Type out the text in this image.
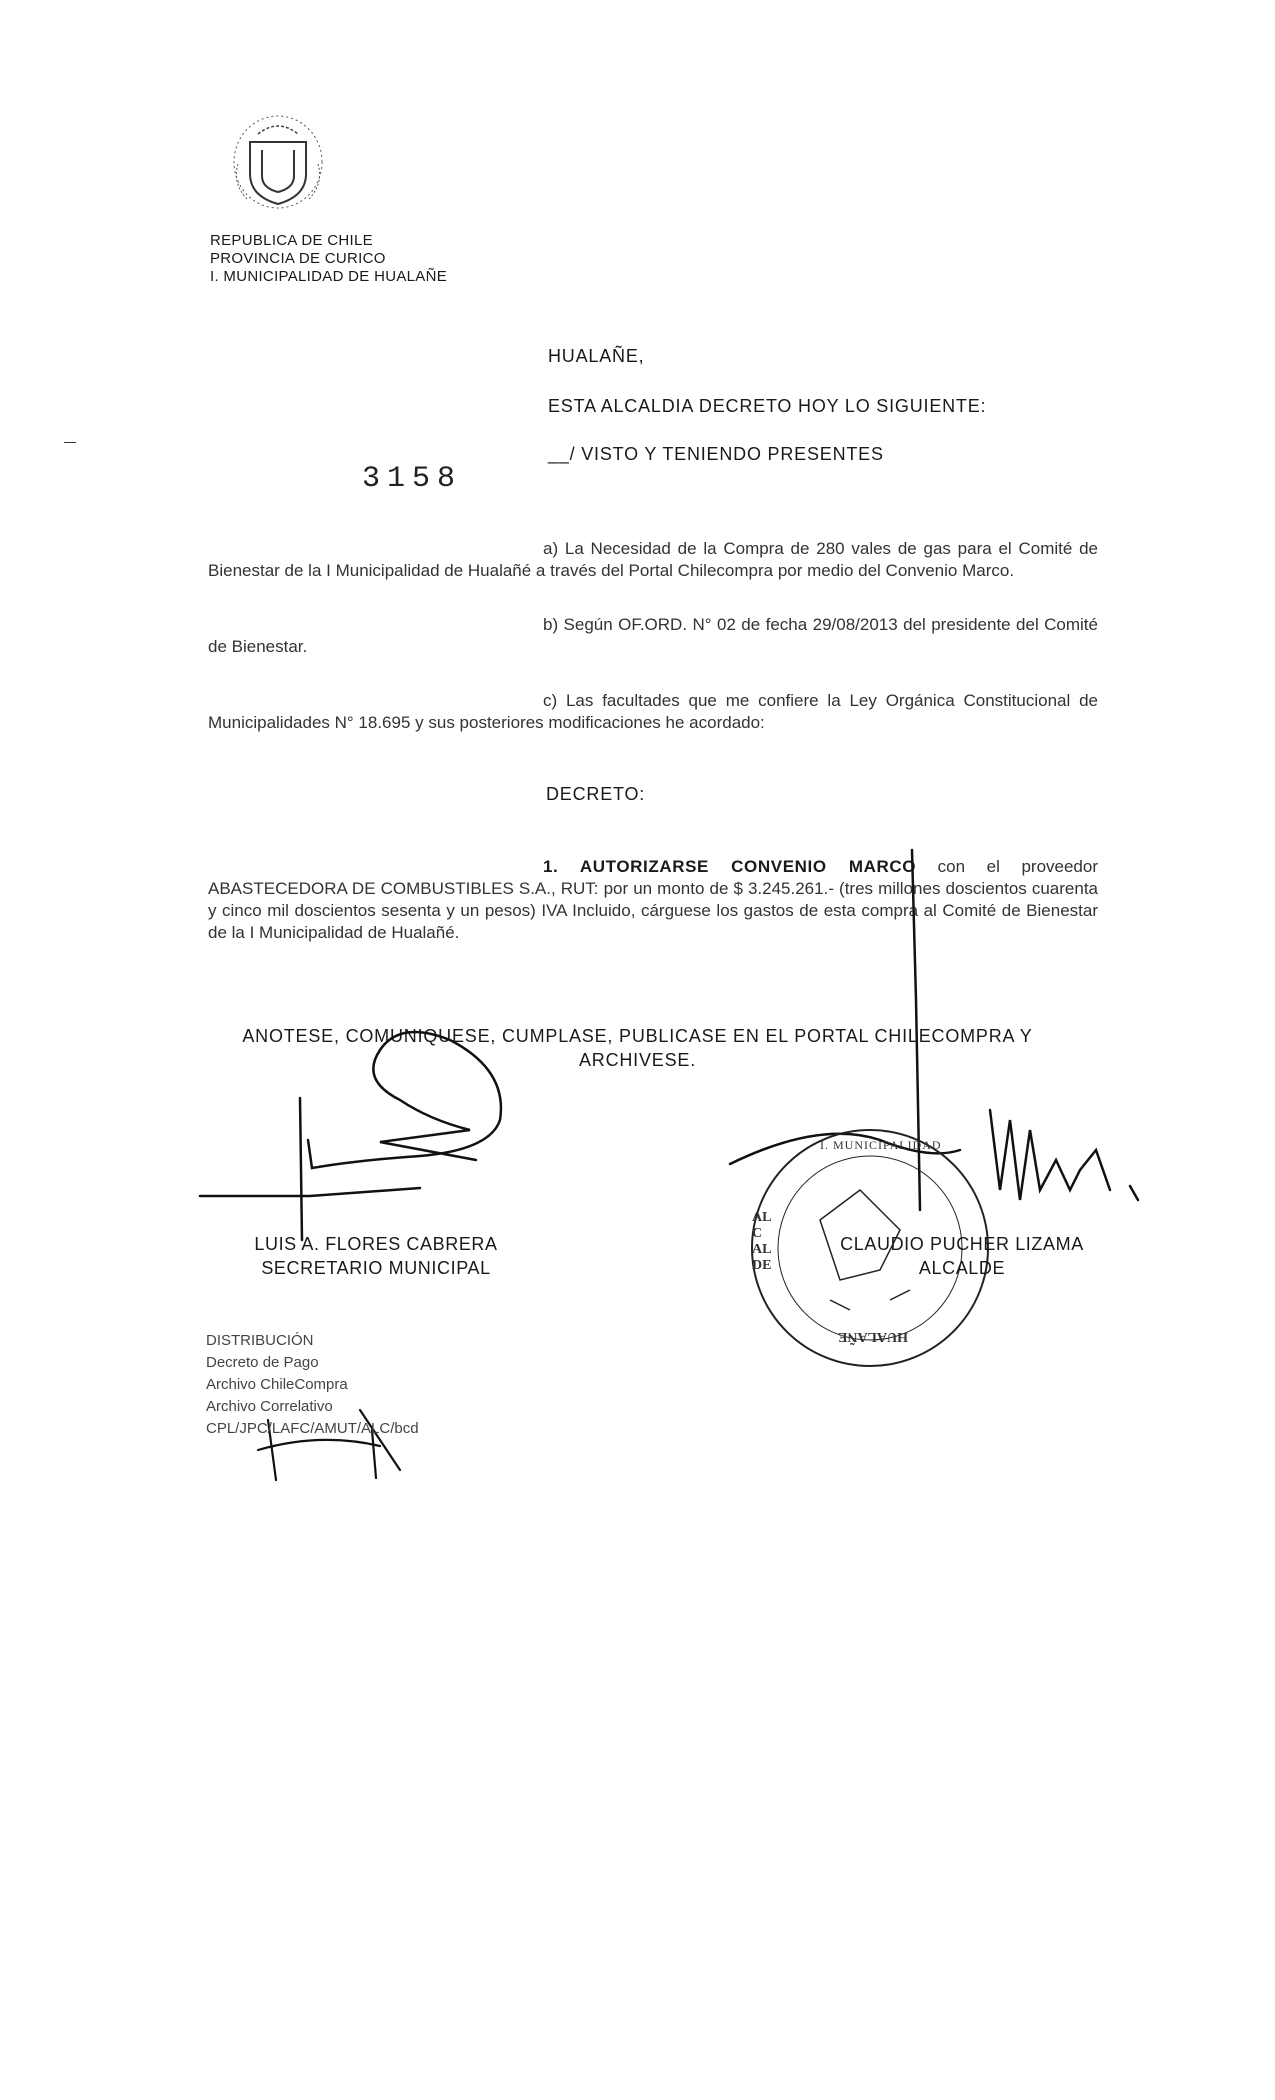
REPUBLICA DE CHILE
PROVINCIA DE CURICO
I. MUNICIPALIDAD DE HUALAÑE
HUALAÑE,
ESTA ALCALDIA DECRETO HOY LO SIGUIENTE:
3158
__/ VISTO Y TENIENDO PRESENTES
a) La Necesidad de la Compra de 280 vales de gas para el Comité de Bienestar de la I Municipalidad de Hualañé a través del Portal Chilecompra por medio del Convenio Marco.
b) Según OF.ORD. N° 02 de fecha 29/08/2013 del presidente del Comité de Bienestar.
c) Las facultades que me confiere la Ley Orgánica Constitucional de Municipalidades N° 18.695 y sus posteriores modificaciones he acordado:
DECRETO:
1. AUTORIZARSE CONVENIO MARCO con el proveedor ABASTECEDORA DE COMBUSTIBLES S.A., RUT: por un monto de $ 3.245.261.- (tres millones doscientos cuarenta y cinco mil doscientos sesenta y un pesos) IVA Incluido, cárguese los gastos de esta compra al Comité de Bienestar de la I Municipalidad de Hualañé.
ANOTESE, COMUNIQUESE, CUMPLASE, PUBLICASE EN EL PORTAL CHILECOMPRA Y
ARCHIVESE.
I. MUNICIPALIDAD
ALCALDE
HUALAÑE
LUIS A. FLORES CABRERA
SECRETARIO MUNICIPAL
CLAUDIO PUCHER LIZAMA
ALCALDE
DISTRIBUCIÓN
Decreto de Pago
Archivo ChileCompra
Archivo Correlativo
CPL/JPC/LAFC/AMUT/ALC/bcd
